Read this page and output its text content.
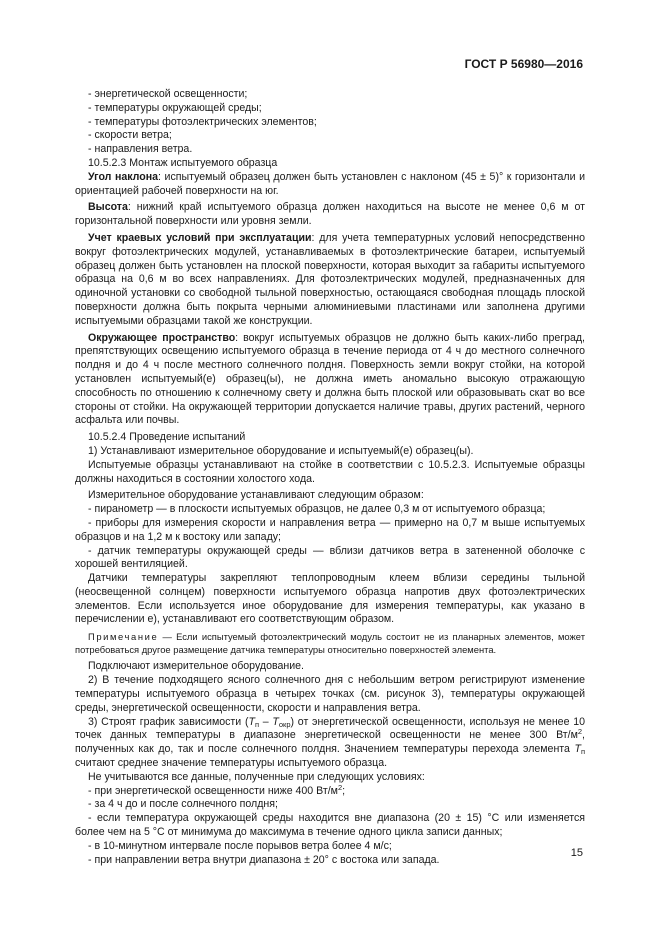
ГОСТ Р 56980—2016

- энергетической освещенности;

- температуры окружающей среды;

- температуры фотоэлектрических элементов;

- скорости ветра;

- направления ветра.

10.5.2.3 Монтаж испытуемого образца

Угол наклона: испытуемый образец должен быть установлен с наклоном (45 ± 5)° к горизонтали и ориентацией рабочей поверхности на юг.

Высота: нижний край испытуемого образца должен находиться на высоте не менее 0,6 м от горизонтальной поверхности или уровня земли.

Учет краевых условий при эксплуатации: для учета температурных условий непосредственно вокруг фотоэлектрических модулей, устанавливаемых в фотоэлектрические батареи, испытуемый образец должен быть установлен на плоской поверхности, которая выходит за габариты испытуемого образца на 0,6 м во всех направлениях. Для фотоэлектрических модулей, предназначенных для одиночной установки со свободной тыльной поверхностью, остающаяся свободная площадь плоской поверхности должна быть покрыта черными алюминиевыми пластинами или заполнена другими испытуемыми образцами такой же конструкции.

Окружающее пространство: вокруг испытуемых образцов не должно быть каких-либо преград, препятствующих освещению испытуемого образца в течение периода от 4 ч до местного солнечного полдня и до 4 ч после местного солнечного полдня. Поверхность земли вокруг стойки, на которой установлен испытуемый(е) образец(ы), не должна иметь аномально высокую отражающую способность по отношению к солнечному свету и должна быть плоской или образовывать скат во все стороны от стойки. На окружающей территории допускается наличие травы, других растений, черного асфальта или почвы.

10.5.2.4 Проведение испытаний

1) Устанавливают измерительное оборудование и испытуемый(е) образец(ы).

Испытуемые образцы устанавливают на стойке в соответствии с 10.5.2.3. Испытуемые образцы должны находиться в состоянии холостого хода.

Измерительное оборудование устанавливают следующим образом:

- пиранометр — в плоскости испытуемых образцов, не далее 0,3 м от испытуемого образца;

- приборы для измерения скорости и направления ветра — примерно на 0,7 м выше испытуемых образцов и на 1,2 м к востоку или западу;

- датчик температуры окружающей среды — вблизи датчиков ветра в затененной оболочке с хорошей вентиляцией.

Датчики температуры закрепляют теплопроводным клеем вблизи середины тыльной (неосвещенной солнцем) поверхности испытуемого образца напротив двух фотоэлектрических элементов. Если используется иное оборудование для измерения температуры, как указано в перечислении е), устанавливают его соответствующим образом.

Примечание — Если испытуемый фотоэлектрический модуль состоит не из планарных элементов, может потребоваться другое размещение датчика температуры относительно поверхностей элемента.

Подключают измерительное оборудование.

2) В течение подходящего ясного солнечного дня с небольшим ветром регистрируют изменение температуры испытуемого образца в четырех точках (см. рисунок 3), температуры окружающей среды, энергетической освещенности, скорости и направления ветра.

3) Строят график зависимости $(T_п - T_{окр})$ от энергетической освещенности, используя не менее 10 точек данных температуры в диапазоне энергетической освещенности не менее 300 $Вт/м^2$, полученных как до, так и после солнечного полдня. Значением температуры перехода элемента $T_п$ считают среднее значение температуры испытуемого образца.

Не учитываются все данные, полученные при следующих условиях:

- при энергетической освещенности ниже 400 $Вт/м^2$;

- за 4 ч до и после солнечного полдня;

- если температура окружающей среды находится вне диапазона (20 ± 15) °C или изменяется более чем на 5 °C от минимума до максимума в течение одного цикла записи данных;

- в 10-минутном интервале после порывов ветра более 4 м/с;

- при направлении ветра внутри диапазона ± 20° с востока или запада.

15
